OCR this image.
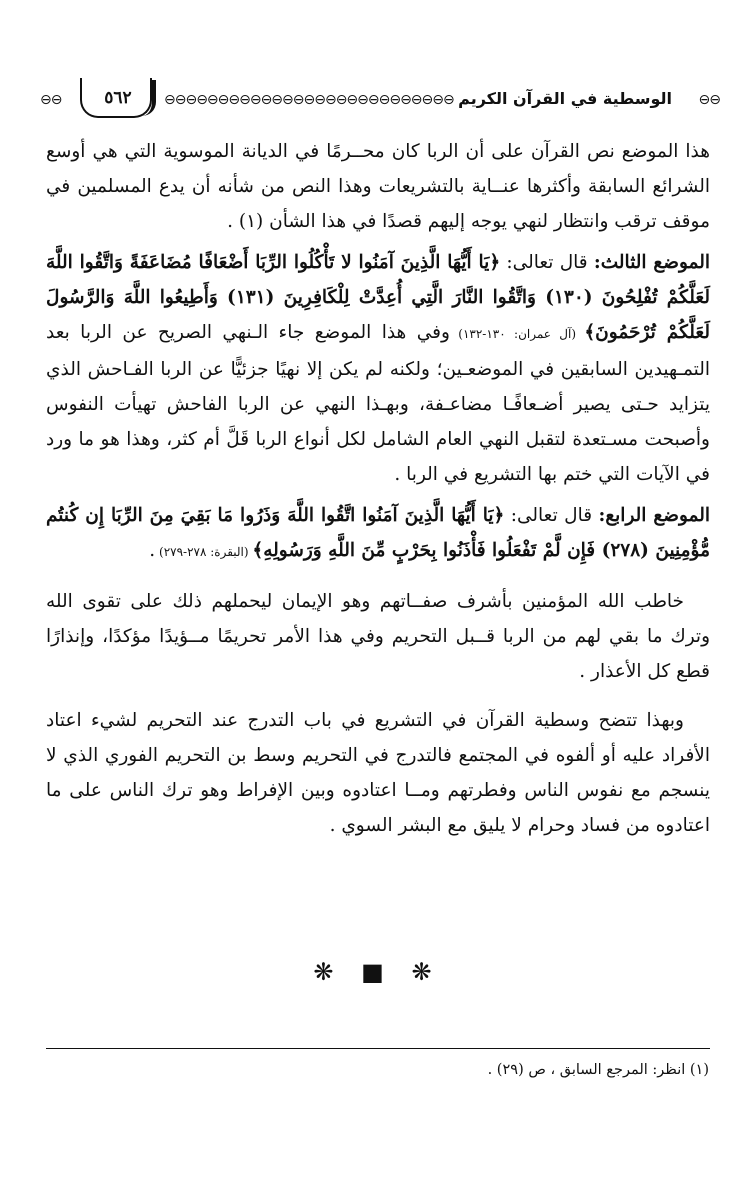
⊖⊖	٥٦٢	⊖⊖⊖⊖⊖⊖⊖⊖⊖⊖⊖⊖⊖⊖⊖⊖⊖⊖⊖⊖⊖⊖⊖⊖⊖⊖⊖ الوسطية في القرآن الكريم ⊖⊖

هذا الموضع نص القرآن على أن الربا كان محــرمًا في الديانة الموسوية التي هي أوسع الشرائع السابقة وأكثرها عنــاية بالتشريعات وهذا النص من شأنه أن يدع المسلمين في موقف ترقب وانتظار لنهي يوجه إليهم قصدًا في هذا الشأن (١) .

الموضع الثالث: قال تعالى: ﴿يَا أَيُّهَا الَّذِينَ آمَنُوا لا تَأْكُلُوا الرِّبَا أَضْعَافًا مُضَاعَفَةً وَاتَّقُوا اللَّهَ لَعَلَّكُمْ تُفْلِحُونَ (١٣٠) وَاتَّقُوا النَّارَ الَّتِي أُعِدَّتْ لِلْكَافِرِينَ (١٣١) وَأَطِيعُوا اللَّهَ وَالرَّسُولَ لَعَلَّكُمْ تُرْحَمُونَ﴾ (آل عمران: ١٣٠-١٣٢) وفي هذا الموضع جاء الـنهي الصريح عن الربا بعد التمـهيدين السابقين في الموضعـين؛ ولكنه لم يكن إلا نهيًا جزئيًّا عن الربا الفـاحش الذي يتزايد حـتى يصير أضـعافًـا مضاعـفة، وبهـذا النهي عن الربا الفاحش تهيأت النفوس وأصبحت مسـتعدة لتقبل النهي العام الشامل لكل أنواع الربا قَلَّ أم كثر، وهذا هو ما ورد في الآيات التي ختم بها التشريع في الربا .

الموضع الرابع: قال تعالى: ﴿يَا أَيُّهَا الَّذِينَ آمَنُوا اتَّقُوا اللَّهَ وَذَرُوا مَا بَقِيَ مِنَ الرِّبَا إِن كُنتُم مُّؤْمِنِينَ (٢٧٨) فَإِن لَّمْ تَفْعَلُوا فَأْذَنُوا بِحَرْبٍ مِّنَ اللَّهِ وَرَسُولِهِ﴾ (البقرة: ٢٧٨-٢٧٩) .

خاطب الله المؤمنين بأشرف صفــاتهم وهو الإيمان ليحملهم ذلك على تقوى الله وترك ما بقي لهم من الربا قــبل التحريم وفي هذا الأمر تحريمًا مــؤيدًا مؤكدًا، وإنذارًا قطع كل الأعذار .

وبهذا تتضح وسطية القرآن في التشريع في باب التدرج عند التحريم لشيء اعتاد الأفراد عليه أو ألفوه في المجتمع فالتدرج في التحريم وسط بن التحريم الفوري الذي لا ينسجم مع نفوس الناس وفطرتهم ومــا اعتادوه وبين الإفراط وهو ترك الناس على ما اعتادوه من فساد وحرام لا يليق مع البشر السوي .

❋ ■ ❋
(١) انظر: المرجع السابق ، ص (٢٩) .
